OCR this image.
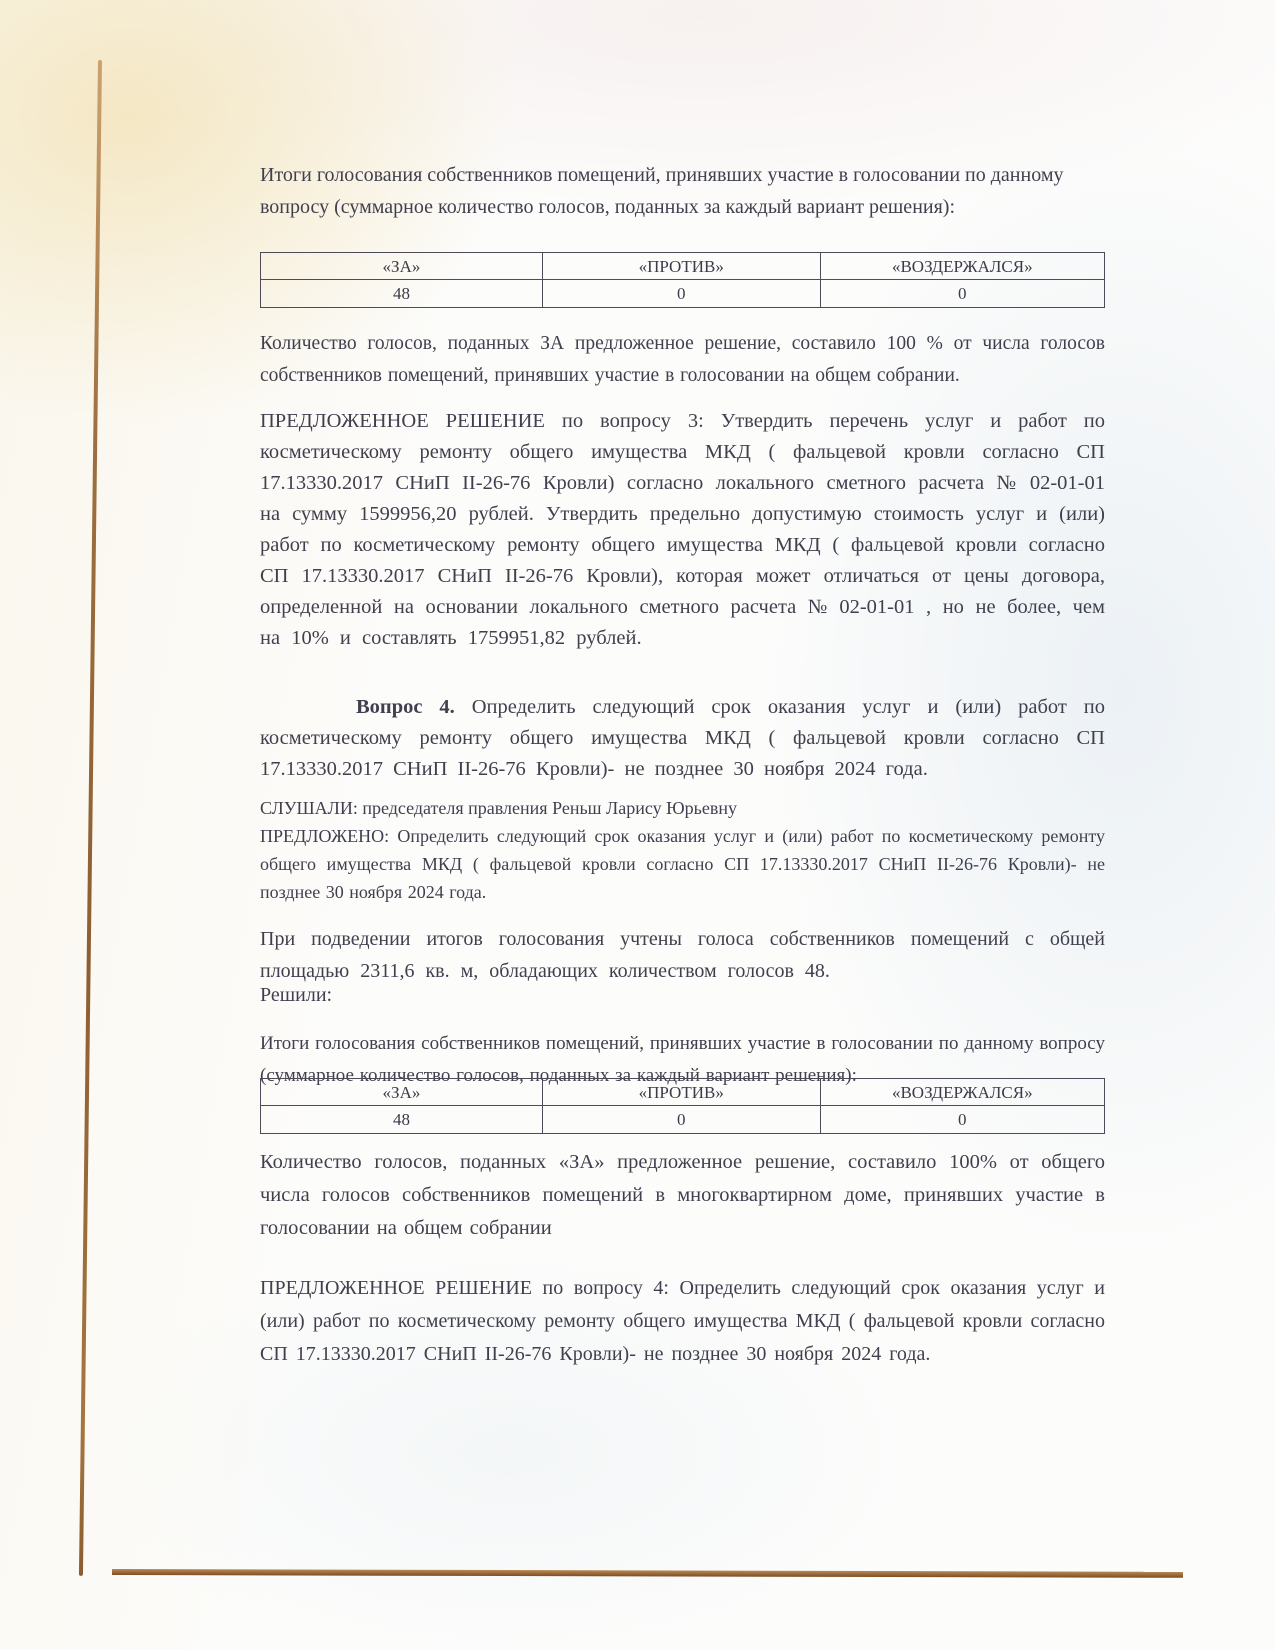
Итоги голосования собственников помещений, принявших участие в голосовании по данному вопросу (суммарное количество голосов, поданных за каждый вариант решения):

«ЗА»	«ПРОТИВ»	«ВОЗДЕРЖАЛСЯ»
48	0	0

Количество голосов, поданных ЗА предложенное решение, составило 100 % от числа голосов собственников помещений, принявших участие в голосовании на общем собрании.

ПРЕДЛОЖЕННОЕ РЕШЕНИЕ по вопросу 3: Утвердить перечень услуг и работ по косметическому ремонту общего имущества МКД ( фальцевой кровли согласно СП 17.13330.2017 СНиП II-26-76 Кровли) согласно локального сметного расчета № 02-01-01 на сумму 1599956,20 рублей. Утвердить предельно допустимую стоимость услуг и (или) работ по косметическому ремонту общего имущества МКД ( фальцевой кровли согласно СП 17.13330.2017 СНиП II-26-76 Кровли), которая может отличаться от цены договора, определенной на основании локального сметного расчета № 02-01-01 , но не более, чем на 10% и составлять 1759951,82 рублей.

Вопрос 4. Определить следующий срок оказания услуг и (или) работ по косметическому ремонту общего имущества МКД ( фальцевой кровли согласно СП 17.13330.2017 СНиП II-26-76 Кровли)- не позднее 30 ноября 2024 года.

СЛУШАЛИ: председателя правления Реньш Ларису Юрьевну

ПРЕДЛОЖЕНО: Определить следующий срок оказания услуг и (или) работ по косметическому ремонту общего имущества МКД ( фальцевой кровли согласно СП 17.13330.2017 СНиП II-26-76 Кровли)- не позднее 30 ноября 2024 года.

При подведении итогов голосования учтены голоса собственников помещений с общей площадью 2311,6 кв. м, обладающих количеством голосов 48.

Решили:

Итоги голосования собственников помещений, принявших участие в голосовании по данному вопросу (суммарное количество голосов, поданных за каждый вариант решения):

«ЗА»	«ПРОТИВ»	«ВОЗДЕРЖАЛСЯ»
48	0	0

Количество голосов, поданных «ЗА» предложенное решение, составило 100% от общего числа голосов собственников помещений в многоквартирном доме, принявших участие в голосовании на общем собрании

ПРЕДЛОЖЕННОЕ РЕШЕНИЕ по вопросу 4: Определить следующий срок оказания услуг и (или) работ по косметическому ремонту общего имущества МКД ( фальцевой кровли согласно СП 17.13330.2017 СНиП II-26-76 Кровли)- не позднее 30 ноября 2024 года.
